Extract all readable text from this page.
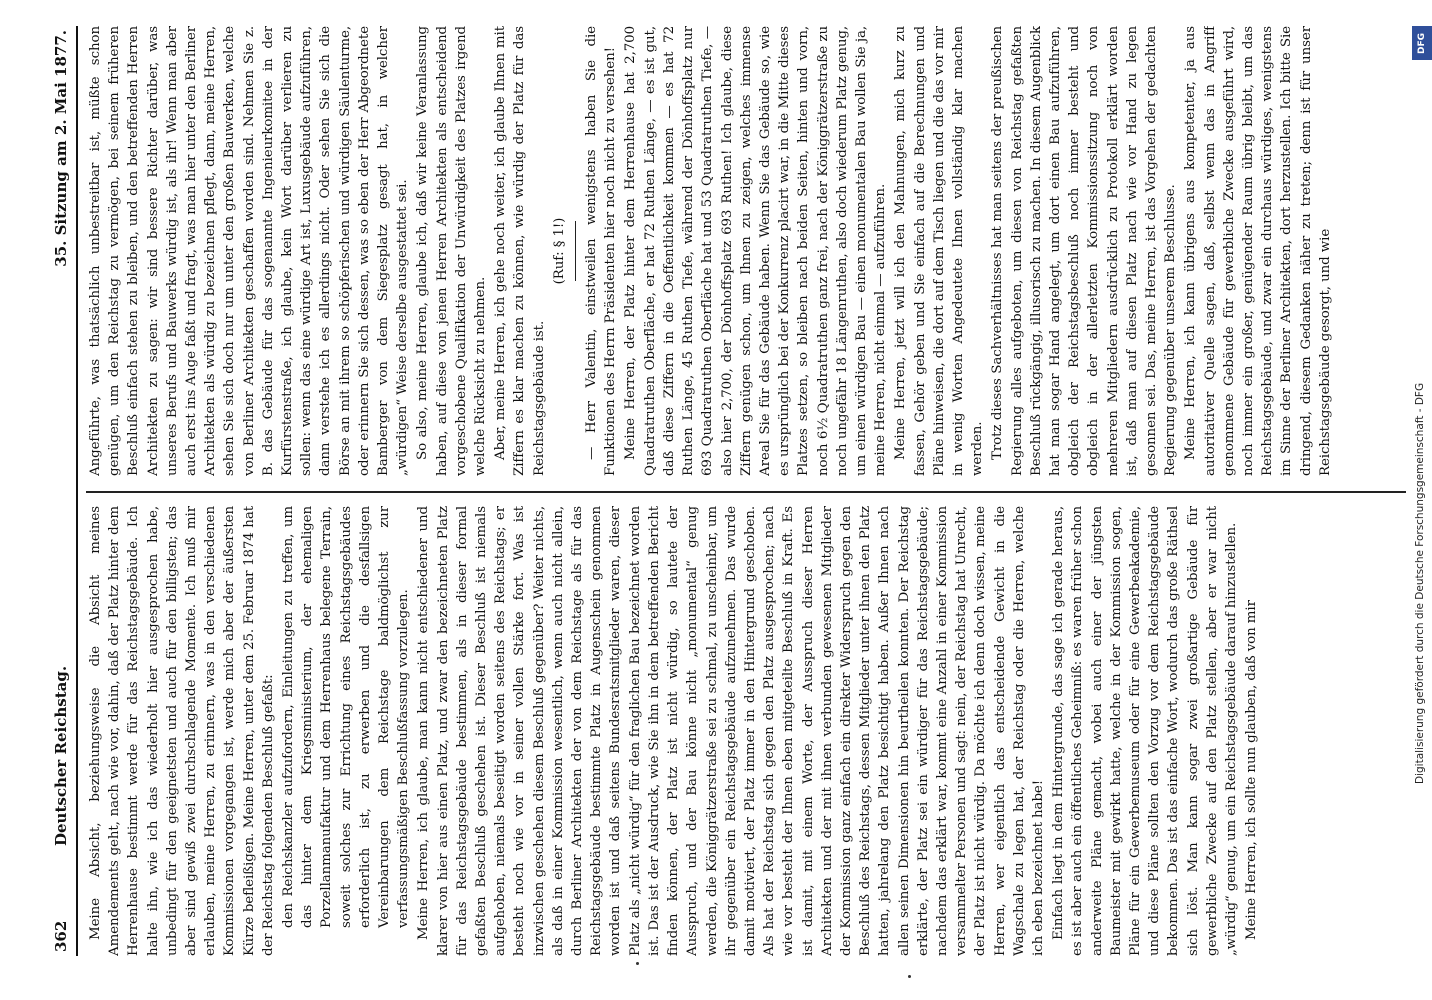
362
Deutscher Reichstag.
35. Sitzung am 2. Mai 1877.

Meine Absicht, beziehungsweise die Absicht meines Amendements geht, nach wie vor, dahin, daß der Platz hinter dem Herrenhause bestimmt werde für das Reichstagsgebäude. Ich halte ihn, wie ich das wiederholt hier ausgesprochen habe, unbedingt für den geeignetsten und auch für den billigsten; das aber sind gewiß zwei durchschlagende Momente. Ich muß mir erlauben, meine Herren, zu erinnern, was in den verschiedenen Kommissionen vorgegangen ist, werde mich aber der äußersten Kürze befleißigen. Meine Herren, unter dem 25. Februar 1874 hat der Reichstag folgenden Beschluß gefaßt: den Reichskanzler aufzufordern, Einleitungen zu treffen, um das hinter dem Kriegsministerium, der ehemaligen Porzellanmanufaktur und dem Herrenhaus belegene Terrain, soweit solches zur Errichtung eines Reichstagsgebäudes erforderlich ist, zu erwerben und die desfallsigen Vereinbarungen dem Reichstage baldmöglichst zur verfassungsmäßigen Beschlußfassung vorzulegen. Meine Herren, ich glaube, man kann nicht entschiedener und klarer von hier aus einen Platz, und zwar den bezeichneten Platz für das Reichstagsgebäude bestimmen, als in dieser formal gefaßten Beschluß geschehen ist. Dieser Beschluß ist niemals aufgehoben, niemals beseitigt worden seitens des Reichstags; er besteht noch wie vor in seiner vollen Stärke fort. Was ist inzwischen geschehen diesem Beschluß gegenüber? Weiter nichts, als daß in einer Kommission wesentlich, wenn auch nicht allein, durch Berliner Architekten der von dem Reichstage als für das Reichstagsgebäude bestimmte Platz in Augenschein genommen worden ist und daß seitens Bundesratsmitglieder waren, dieser Platz als „nicht würdig“ für den fraglichen Bau bezeichnet worden ist. Das ist der Ausdruck, wie Sie ihn in dem betreffenden Bericht finden können, der Platz ist nicht würdig, so lautete der Ausspruch, und der Bau könne nicht „monumental“ genug werden, die Königgrätzerstraße sei zu schmal, zu unscheinbar, um ihr gegenüber ein Reichstagsgebäude aufzunehmen. Das wurde damit motiviert, der Platz immer in den Hintergrund geschoben. Als hat der Reichstag sich gegen den Platz ausgesprochen; nach wie vor besteht der Ihnen eben mitgeteilte Beschluß in Kraft. Es ist damit, mit einem Worte, der Ausspruch dieser Herren Architekten und der mit ihnen verbunden gewesenen Mitglieder der Kommission ganz einfach ein direkter Widerspruch gegen den Beschluß des Reichstags, dessen Mitglieder unter ihnen den Platz hatten, jahrelang den Platz besichtigt haben. Außer Ihnen nach allen seinen Dimensionen hin beurtheilen konnten. Der Reichstag erklärte, der Platz sei ein würdiger für das Reichstagsgebäude; nachdem das erklärt war, kommt eine Anzahl in einer Kommission versammelter Personen und sagt: nein, der Reichstag hat Unrecht, der Platz ist nicht würdig. Da möchte ich denn doch wissen, meine Herren, wer eigentlich das entscheidende Gewicht in die Wagschale zu legen hat, der Reichstag oder die Herren, welche ich eben bezeichnet habe! Einfach liegt in dem Hintergrunde, das sage ich gerade heraus, es ist aber auch ein öffentliches Geheimniß: es waren früher schon anderweite Pläne gemacht, wobei auch einer der jüngsten Baumeister mit gewirkt hatte, welche in der Kommission sogen, Pläne für ein Gewerbemuseum oder für eine Gewerbeakademie, und diese Pläne sollten den Vorzug vor dem Reichstagsgebäude bekommen. Das ist das einfache Wort, wodurch das große Räthsel sich löst. Man kann sogar zwei großartige Gebäude für gewerbliche Zwecke auf den Platz stellen, aber er war nicht „würdig“ genug, um ein Reichstagsgebäude darauf hinzustellen. Meine Herren, ich sollte nun glauben, daß von mir

Angeführte, was thatsächlich unbestreitbar ist, müßte schon genügen, um den Reichstag zu vermögen, bei seinem früheren Beschluß einfach stehen zu bleiben, und den betreffenden Herren Architekten zu sagen: wir sind bessere Richter darüber, was unseres Berufs und Bauwerks würdig ist, als ihr! Wenn man aber auch erst ins Auge faßt und fragt, was man hier unter den Berliner Architekten als würdig zu bezeichnen pflegt, dann, meine Herren, sehen Sie sich doch nur um unter den großen Bauwerken, welche von Berliner Architekten geschaffen worden sind. Nehmen Sie z. B. das Gebäude für das sogenannte Ingenieurkomitee in der Kurfürstenstraße, ich glaube, kein Wort darüber verlieren zu sollen: wenn das eine würdige Art ist, Luxusgebäude aufzuführen, dann verstehe ich es allerdings nicht. Oder sehen Sie sich die Börse an mit ihrem so schöpferischen und würdigen Säulenturme, oder erinnern Sie sich dessen, was so eben der Herr Abgeordnete Bamberger von dem Siegesplatz gesagt hat, in welcher „würdigen“ Weise derselbe ausgestattet sei. So also, meine Herren, glaube ich, daß wir keine Veranlassung haben, auf diese von jenen Herren Architekten als entscheidend vorgeschobene Qualifikation der Unwürdigkeit des Platzes irgend welche Rücksicht zu nehmen. Aber, meine Herren, ich gehe noch weiter, ich glaube Ihnen mit Ziffern es klar machen zu können, wie würdig der Platz für das Reichstagsgebäude ist.

(Ruf: § 1!) — Herr Valentin, einstweilen wenigstens haben Sie die Funktionen des Herrn Präsidenten hier noch nicht zu versehen! Meine Herren, der Platz hinter dem Herrenhause hat 2,700 Quadratruthen Oberfläche, er hat 72 Ruthen Länge, — es ist gut, daß diese Ziffern in die Oeffentlichkeit kommen — es hat 72 Ruthen Länge, 45 Ruthen Tiefe, während der Dönhoffsplatz nur 693 Quadratruthen Oberfläche hat und 53 Quadratruthen Tiefe, — also hier 2,700, der Dönhoffsplatz 693 Ruthen! Ich glaube, diese Ziffern genügen schon, um Ihnen zu zeigen, welches immense Areal Sie für das Gebäude haben. Wenn Sie das Gebäude so, wie es ursprünglich bei der Konkurrenz placirt war, in die Mitte dieses Platzes setzen, so bleiben nach beiden Seiten, hinten und vorn, noch 6½ Quadratruthen ganz frei, nach der Königgrätzerstraße zu noch ungefähr 18 Längenruthen, also doch wiederum Platz genug, um einen würdigen Bau — einen monumentalen Bau wollen Sie ja, meine Herren, nicht einmal — aufzuführen. Meine Herren, jetzt will ich den Mahnungen, mich kurz zu fassen, Gehör geben und Sie einfach auf die Berechnungen und Pläne hinweisen, die dort auf dem Tisch liegen und die das vor mir in wenig Worten Angedeutete Ihnen vollständig klar machen werden. Trotz dieses Sachverhältnisses hat man seitens der preußischen Regierung alles aufgeboten, um diesen von Reichstag gefaßten Beschluß rückgängig, illusorisch zu machen. In diesem Augenblick hat man sogar Hand angelegt, um dort einen Bau aufzuführen, obgleich der Reichstagsbeschluß noch immer besteht und obgleich in der allerletzten Kommissionssitzung noch von mehreren Mitgliedern ausdrücklich zu Protokoll erklärt worden ist, daß man auf diesen Platz nach wie vor Hand zu legen gesonnen sei. Das, meine Herren, ist das Vorgehen der gedachten Regierung gegenüber unserem Beschlusse. Meine Herren, ich kann übrigens aus kompetenter, ja aus autoritativer Quelle sagen, daß, selbst wenn das in Angriff genommene Gebäude für gewerbliche Zwecke ausgeführt wird, noch immer ein großer, genügender Raum übrig bleibt, um das Reichstagsgebäude, und zwar ein durchaus würdiges, wenigstens im Sinne der Berliner Architekten, dort herzustellen. Ich bitte Sie dringend, diesem Gedanken näher zu treten; denn ist für unser Reichstagsgebäude gesorgt, und wie

DFG
Digitalisierung gefördert durch die Deutsche Forschungsgemeinschaft - DFG
